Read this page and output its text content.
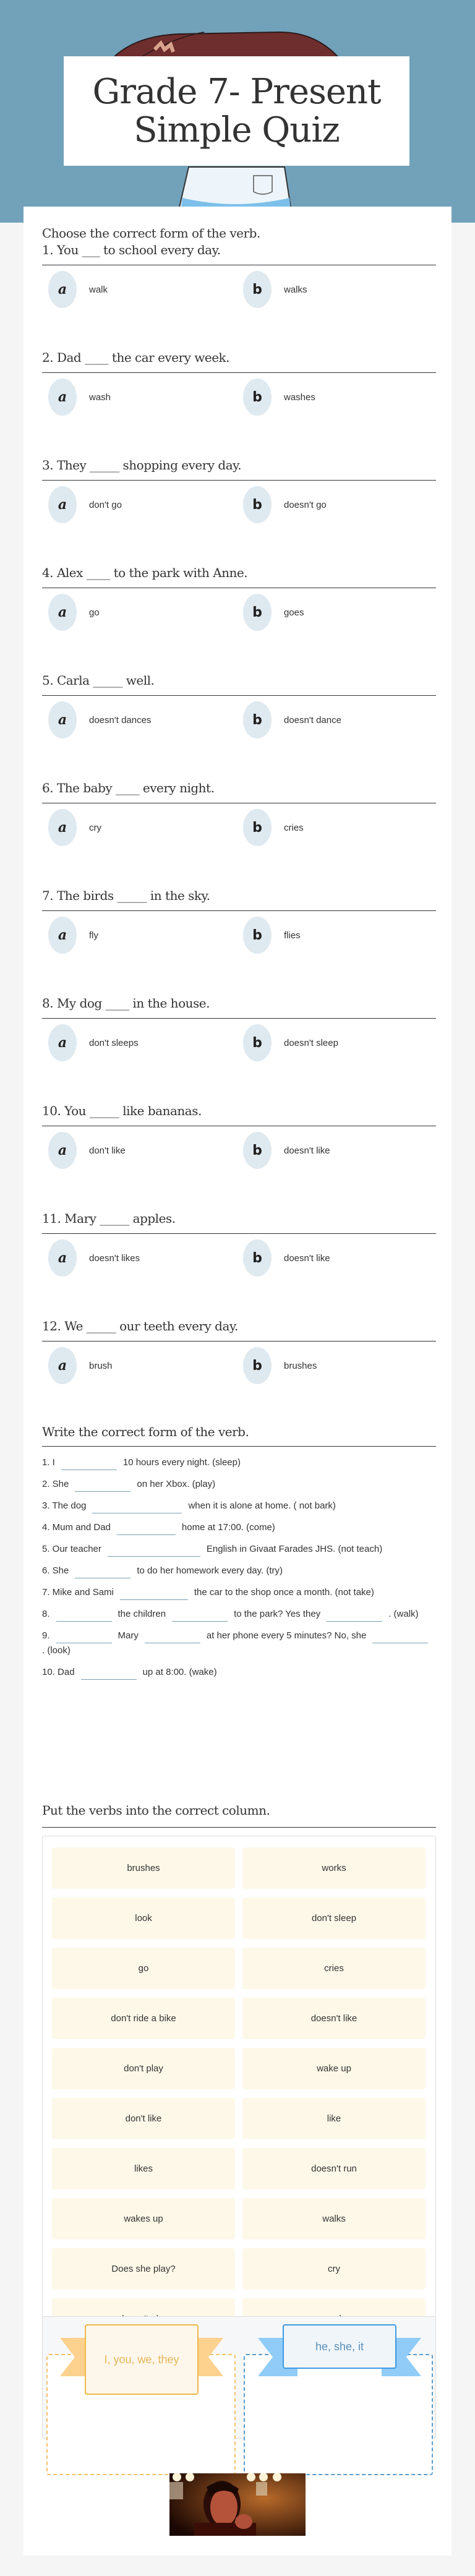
Grade 7- Present Simple Quiz
Choose the correct form of the verb.
1. You ___ to school every day.
a	walk	b	walks
2. Dad ____ the car every week.
a	wash	b	washes
3. They _____ shopping every day.
a	don't go	b	doesn't go
4. Alex ____ to the park with Anne.
a	go	b	goes
5. Carla _____ well.
a	doesn't dances	b	doesn't dance
6. The baby ____ every night.
a	cry	b	cries
7. The birds _____ in the sky.
a	fly	b	flies
8. My dog ____ in the house.
a	don't sleeps	b	doesn't sleep
10. You _____ like bananas.
a	don't like	b	doesn't like
11. Mary _____ apples.
a	doesn't likes	b	doesn't like
12. We _____ our teeth every day.
a	brush	b	brushes
Write the correct form of the verb.
1. I	10 hours every night. (sleep)
2. She	on her Xbox. (play)
3. The dog	when it is alone at home. ( not bark)
4. Mum and Dad	home at 17:00. (come)
5. Our teacher	English in Givaat Farades JHS. (not teach)
6. She	to do her homework every day. (try)
7. Mike and Sami	the car to the shop once a month. (not take)
8.	the children	to the park? Yes they	. (walk)
9.	Mary	at her phone every 5 minutes? No, she. (look)
10. Dad	up at 8:00. (wake)
Put the verbs into the correct column.
brushes	works
look	don't sleep
go	cries
don't ride a bike	doesn't like
don't play	wake up
don't like	like
likes	doesn't run
wakes up	walks
Does she play?	cry
I, you, we, they
he, she, it
